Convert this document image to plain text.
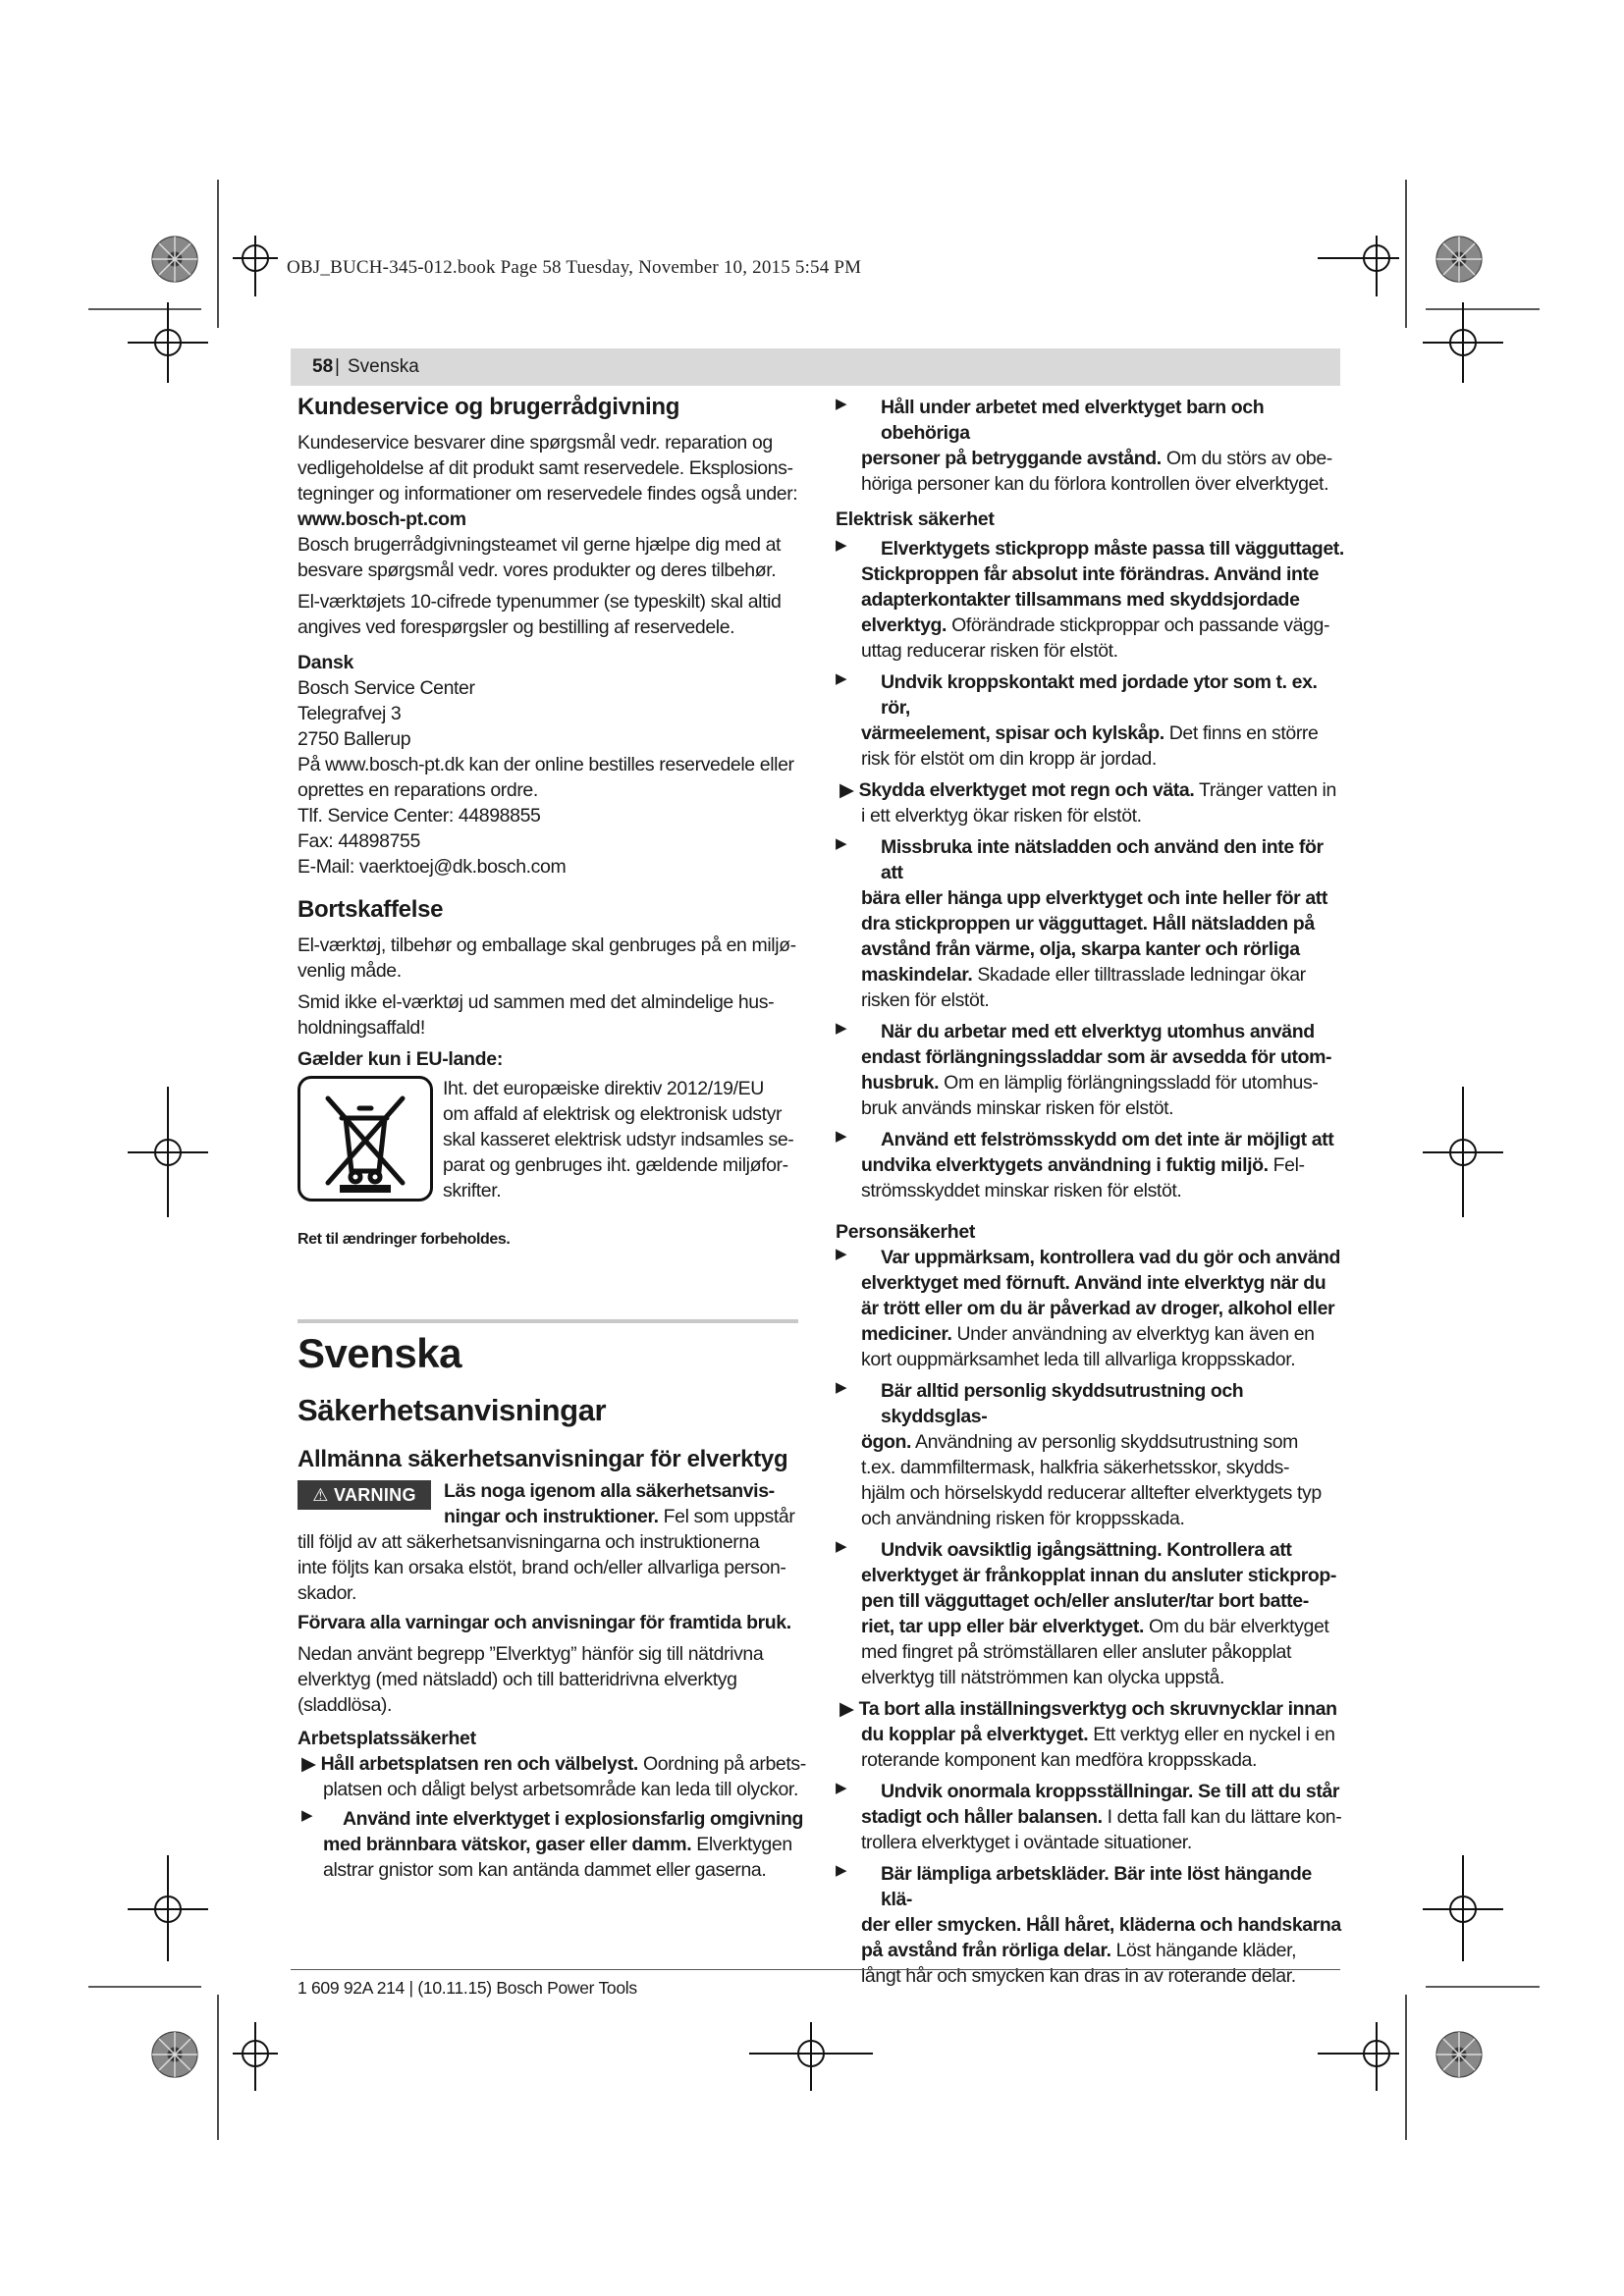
OBJ_BUCH-345-012.book Page 58 Tuesday, November 10, 2015 5:54 PM
58 | Svenska
Kundeservice og brugerrådgivning

Kundeservice besvarer dine spørgsmål vedr. reparation og

vedligeholdelse af dit produkt samt reservedele. Eksplosions-

tegninger og informationer om reservedele findes også under:

www.bosch-pt.com

Bosch brugerrådgivningsteamet vil gerne hjælpe dig med at

besvare spørgsmål vedr. vores produkter og deres tilbehør.

El-værktøjets 10-cifrede typenummer (se typeskilt) skal altid

angives ved forespørgsler og bestilling af reservedele.

Dansk

Bosch Service Center

Telegrafvej 3

2750 Ballerup

På www.bosch-pt.dk kan der online bestilles reservedele eller

oprettes en reparations ordre.

Tlf. Service Center: 44898855

Fax: 44898755

E-Mail: vaerktoej@dk.bosch.com

Bortskaffelse

El-værktøj, tilbehør og emballage skal genbruges på en miljø-

venlig måde.

Smid ikke el-værktøj ud sammen med det almindelige hus-

holdningsaffald!

Gælder kun i EU-lande:

Iht. det europæiske direktiv 2012/19/EU

om affald af elektrisk og elektronisk udstyr

skal kasseret elektrisk udstyr indsamles se-

parat og genbruges iht. gældende miljøfor-

skrifter.

Ret til ændringer forbeholdes.

Svenska
Säkerhetsanvisningar
Allmänna säkerhetsanvisningar för elverktyg
⚠ VARNING	Läs noga igenom alla säkerhetsanvis-

ningar och instruktioner. Fel som uppstår

till följd av att säkerhetsanvisningarna och instruktionerna

inte följts kan orsaka elstöt, brand och/eller allvarliga person-

skador.

Förvara alla varningar och anvisningar för framtida bruk.

Nedan använt begrepp ”Elverktyg” hänför sig till nätdrivna

elverktyg (med nätsladd) och till batteridrivna elverktyg

(sladdlösa).

Arbetsplatssäkerhet

▶ Håll arbetsplatsen ren och välbelyst. Oordning på arbets-

platsen och dåligt belyst arbetsområde kan leda till olyckor.

▶	Använd inte elverktyget i explosionsfarlig omgivning

med brännbara vätskor, gaser eller damm. Elverktygen

alstrar gnistor som kan antända dammet eller gaserna.

▶	Håll under arbetet med elverktyget barn och obehöriga

personer på betryggande avstånd. Om du störs av obe-

höriga personer kan du förlora kontrollen över elverktyget.

Elektrisk säkerhet
▶	Elverktygets stickpropp måste passa till vägguttaget.

Stickproppen får absolut inte förändras. Använd inte

adapterkontakter tillsammans med skyddsjordade

elverktyg. Oförändrade stickproppar och passande vägg-

uttag reducerar risken för elstöt.

▶	Undvik kroppskontakt med jordade ytor som t. ex. rör,

värmeelement, spisar och kylskåp. Det finns en större

risk för elstöt om din kropp är jordad.

▶ Skydda elverktyget mot regn och väta. Tränger vatten in

i ett elverktyg ökar risken för elstöt.

▶	Missbruka inte nätsladden och använd den inte för att

bära eller hänga upp elverktyget och inte heller för att

dra stickproppen ur vägguttaget. Håll nätsladden på

avstånd från värme, olja, skarpa kanter och rörliga

maskindelar. Skadade eller tilltrasslade ledningar ökar

risken för elstöt.

▶	När du arbetar med ett elverktyg utomhus använd

endast förlängningssladdar som är avsedda för utom-

husbruk. Om en lämplig förlängningssladd för utomhus-

bruk används minskar risken för elstöt.

▶	Använd ett felströmsskydd om det inte är möjligt att

undvika elverktygets användning i fuktig miljö. Fel-

strömsskyddet minskar risken för elstöt.

Personsäkerhet
▶	Var uppmärksam, kontrollera vad du gör och använd

elverktyget med förnuft. Använd inte elverktyg när du

är trött eller om du är påverkad av droger, alkohol eller

mediciner. Under användning av elverktyg kan även en

kort ouppmärksamhet leda till allvarliga kroppsskador.

▶	Bär alltid personlig skyddsutrustning och skyddsglas-

ögon. Användning av personlig skyddsutrustning som

t.ex. dammfiltermask, halkfria säkerhetsskor, skydds-

hjälm och hörselskydd reducerar alltefter elverktygets typ

och användning risken för kroppsskada.

▶	Undvik oavsiktlig igångsättning. Kontrollera att

elverktyget är frånkopplat innan du ansluter stickprop-

pen till vägguttaget och/eller ansluter/tar bort batte-

riet, tar upp eller bär elverktyget. Om du bär elverktyget

med fingret på strömställaren eller ansluter påkopplat

elverktyg till nätströmmen kan olycka uppstå.

▶ Ta bort alla inställningsverktyg och skruvnycklar innan

du kopplar på elverktyget. Ett verktyg eller en nyckel i en

roterande komponent kan medföra kroppsskada.

▶	Undvik onormala kroppsställningar. Se till att du står

stadigt och håller balansen. I detta fall kan du lättare kon-

trollera elverktyget i oväntade situationer.

▶	Bär lämpliga arbetskläder. Bär inte löst hängande klä-

der eller smycken. Håll håret, kläderna och handskarna

på avstånd från rörliga delar. Löst hängande kläder,

långt hår och smycken kan dras in av roterande delar.

1 609 92A 214 | (10.11.15) Bosch Power Tools
